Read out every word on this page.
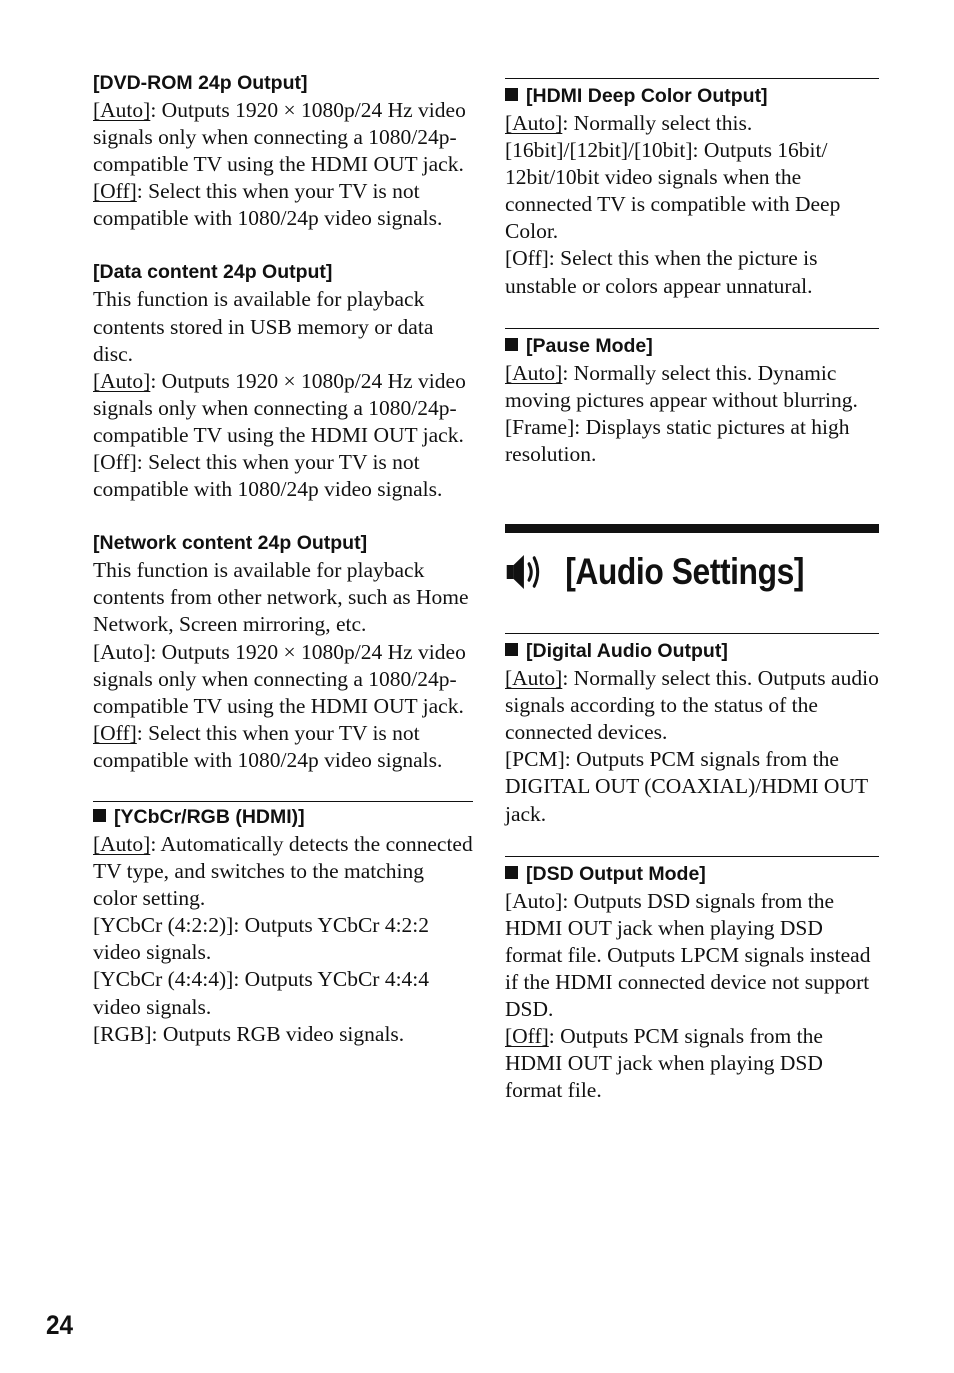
[DVD-ROM 24p Output]

[Auto]: Outputs 1920 × 1080p/24 Hz video signals only when connecting a 1080/24p-compatible TV using the HDMI OUT jack.

[Off]: Select this when your TV is not compatible with 1080/24p video signals.

[Data content 24p Output]

This function is available for playback contents stored in USB memory or data disc.

[Auto]: Outputs 1920 × 1080p/24 Hz video signals only when connecting a 1080/24p-compatible TV using the HDMI OUT jack.

[Off]: Select this when your TV is not compatible with 1080/24p video signals.

[Network content 24p Output]

This function is available for playback contents from other network, such as Home Network, Screen mirroring, etc.

[Auto]: Outputs 1920 × 1080p/24 Hz video signals only when connecting a 1080/24p-compatible TV using the HDMI OUT jack.

[Off]: Select this when your TV is not compatible with 1080/24p video signals.

[YCbCr/RGB (HDMI)]

[Auto]: Automatically detects the connected TV type, and switches to the matching color setting.

[YCbCr (4:2:2)]: Outputs YCbCr 4:2:2 video signals.

[YCbCr (4:4:4)]: Outputs YCbCr 4:4:4 video signals.

[RGB]: Outputs RGB video signals.

[HDMI Deep Color Output]

[Auto]: Normally select this.

[16bit]/[12bit]/[10bit]: Outputs 16bit/ 12bit/10bit video signals when the connected TV is compatible with Deep Color.

[Off]: Select this when the picture is unstable or colors appear unnatural.

[Pause Mode]

[Auto]: Normally select this. Dynamic moving pictures appear without blurring.

[Frame]: Displays static pictures at high resolution.

[Audio Settings]

[Digital Audio Output]

[Auto]: Normally select this. Outputs audio signals according to the status of the connected devices.

[PCM]: Outputs PCM signals from the DIGITAL OUT (COAXIAL)/HDMI OUT jack.

[DSD Output Mode]

[Auto]: Outputs DSD signals from the HDMI OUT jack when playing DSD format file. Outputs LPCM signals instead if the HDMI connected device not support DSD.

[Off]: Outputs PCM signals from the HDMI OUT jack when playing DSD format file.

24
